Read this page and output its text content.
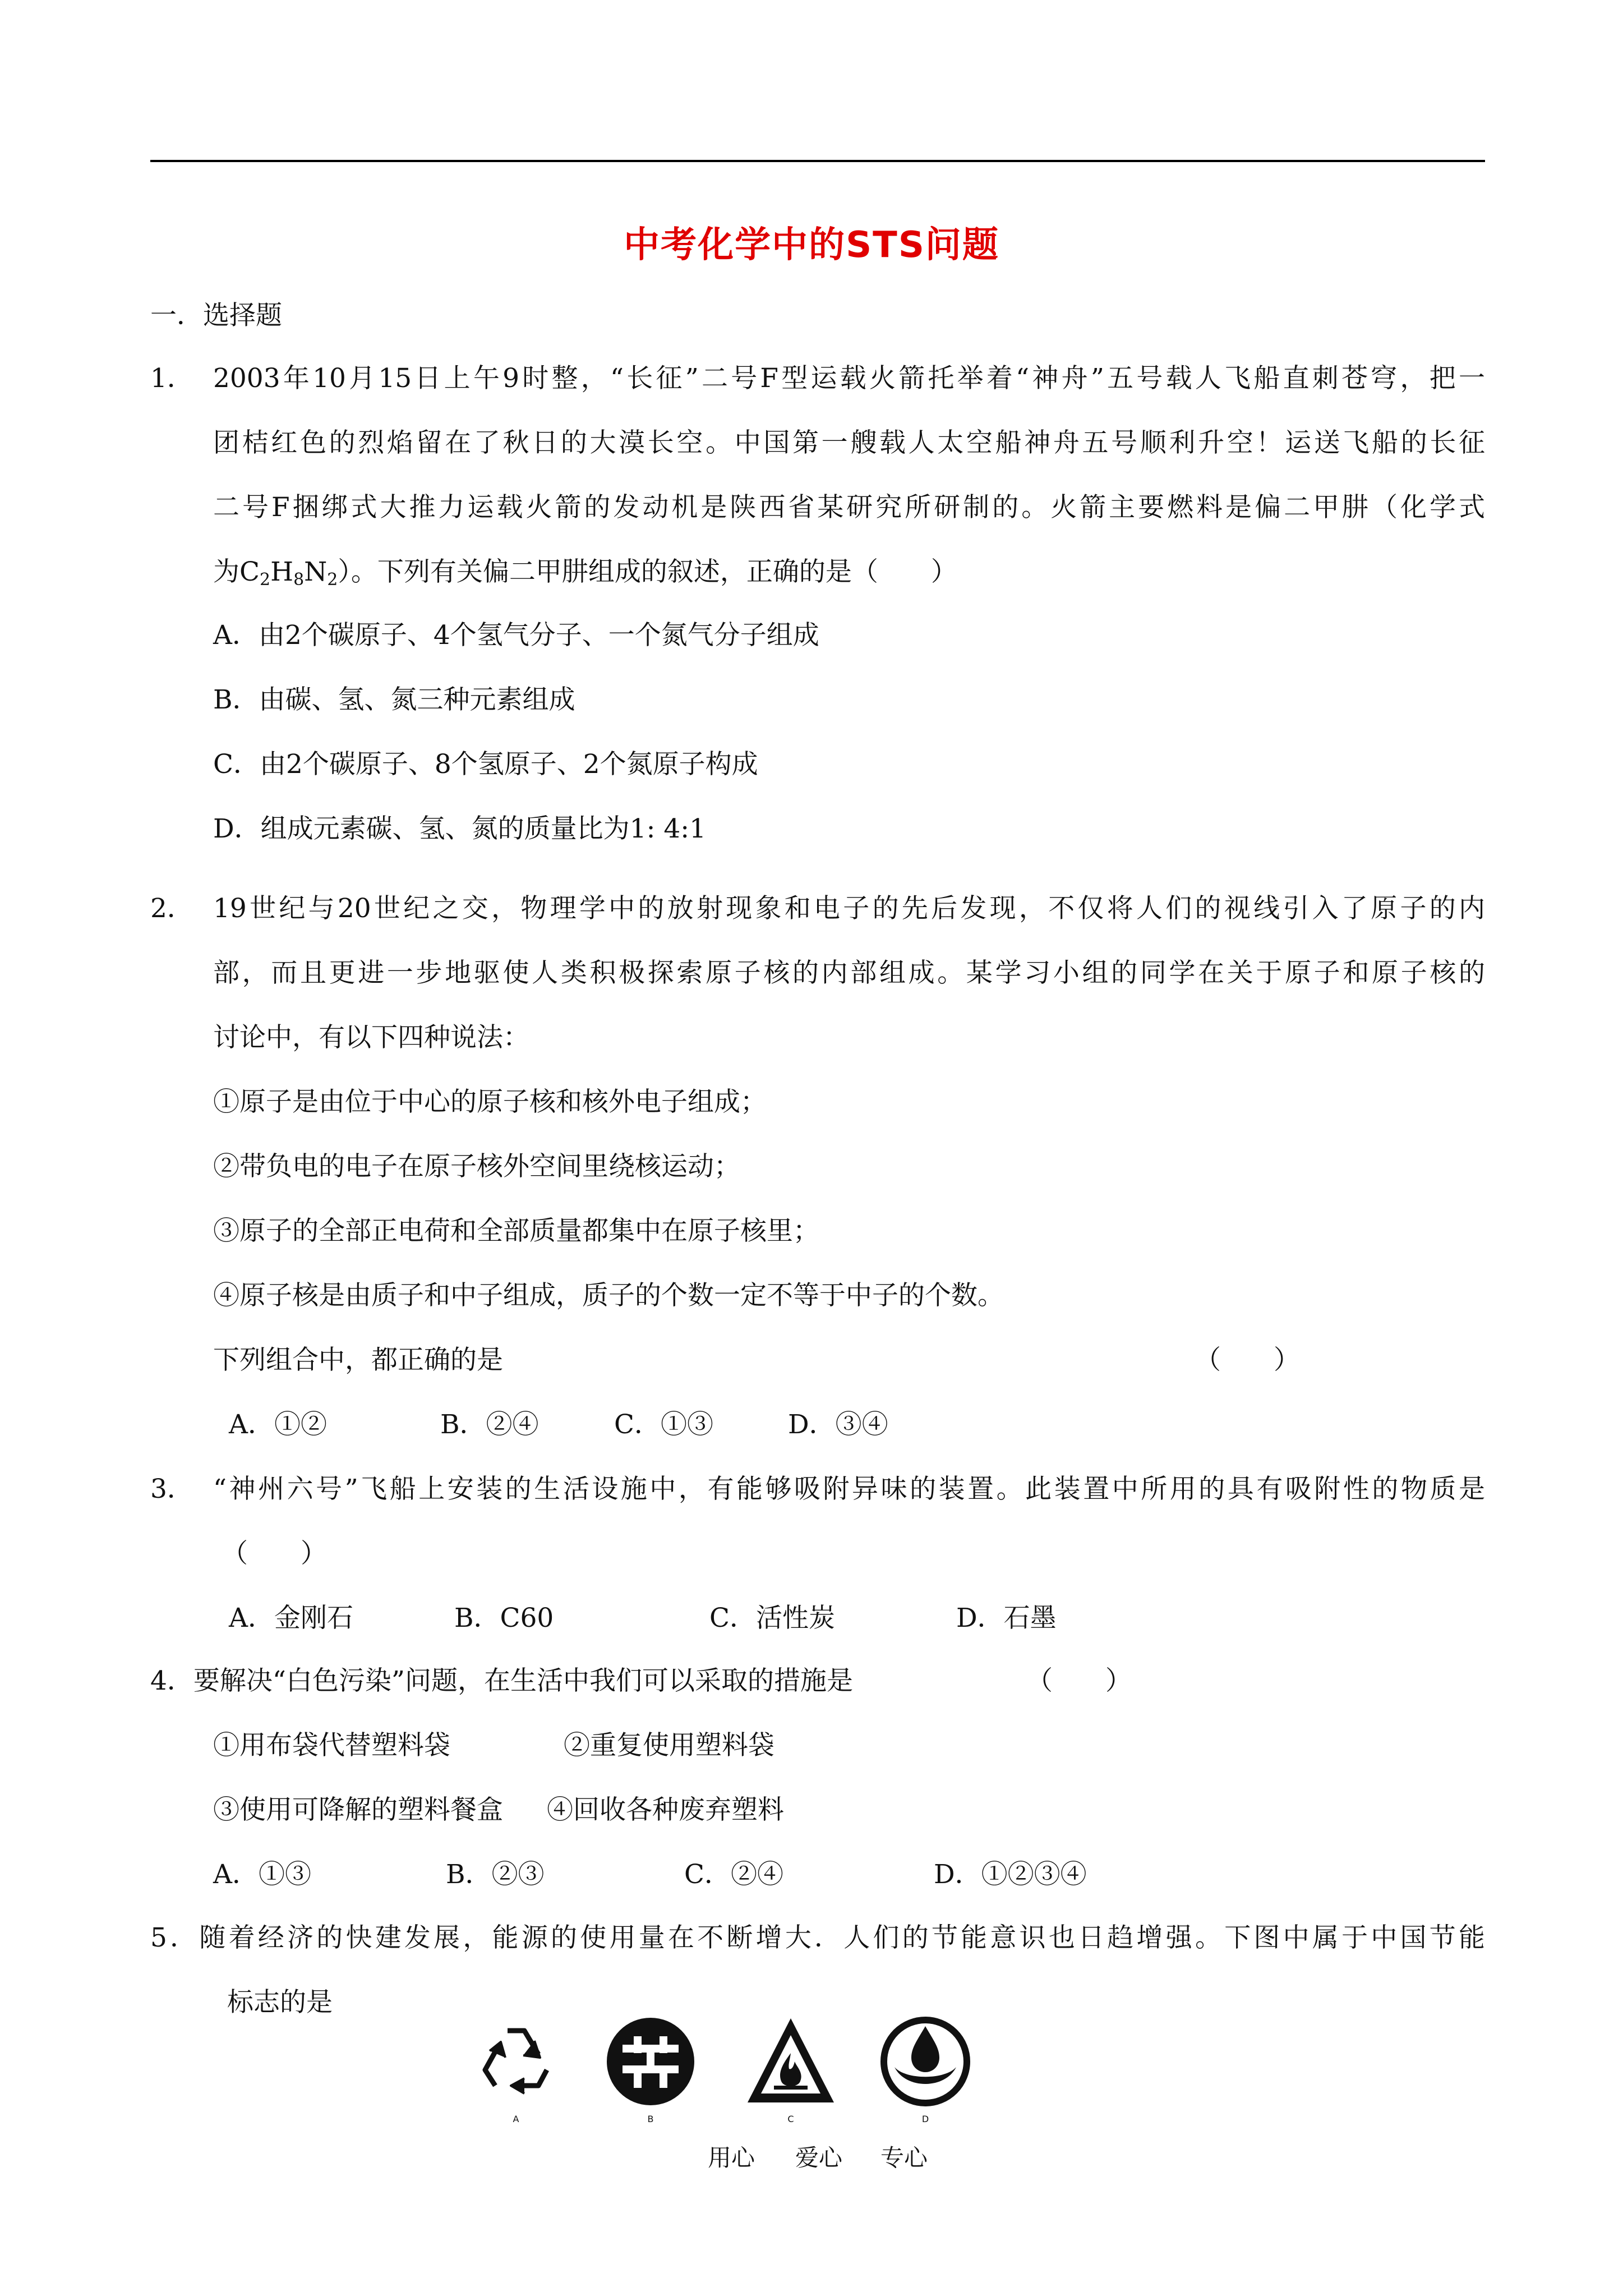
中考化学中的STS问题
一．选择题
1． 2003年10月15日上午9时整，“长征”二号F型运载火箭托举着“神舟”五号载人飞船直刺苍穹，把一
团桔红色的烈焰留在了秋日的大漠长空。中国第一艘载人太空船神舟五号顺利升空！运送飞船的长征
二号F捆绑式大推力运载火箭的发动机是陕西省某研究所研制的。火箭主要燃料是偏二甲肼（化学式
为$C_2H_8N_2$）。下列有关偏二甲肼组成的叙述，正确的是（　　）
A．由2个碳原子、4个氢气分子、一个氮气分子组成
B．由碳、氢、氮三种元素组成
C．由2个碳原子、8个氢原子、2个氮原子构成
D．组成元素碳、氢、氮的质量比为1: 4:1
2． 19世纪与20世纪之交，物理学中的放射现象和电子的先后发现，不仅将人们的视线引入了原子的内
部，而且更进一步地驱使人类积极探索原子核的内部组成。某学习小组的同学在关于原子和原子核的
讨论中，有以下四种说法：
①原子是由位于中心的原子核和核外电子组成；
②带负电的电子在原子核外空间里绕核运动；
③原子的全部正电荷和全部质量都集中在原子核里；
④原子核是由质子和中子组成，质子的个数一定不等于中子的个数。
下列组合中，都正确的是	（　　）
A．①②	B．②④	C．①③	D．③④
3． “神州六号”飞船上安装的生活设施中，有能够吸附异味的装置。此装置中所用的具有吸附性的物质是
（　　）
A．金刚石	B．C60	C．活性炭	D．石墨
4．要解决“白色污染”问题，在生活中我们可以采取的措施是	（　　）
①用布袋代替塑料袋	②重复使用塑料袋
③使用可降解的塑料餐盒 ④回收各种废弃塑料
A．①③	B．②③	C．②④	D．①②③④
5．随着经济的快建发展，能源的使用量在不断增大．人们的节能意识也日趋增强。下图中属于中国节能
标志的是
A	B	C	D
用心 爱心 专心
